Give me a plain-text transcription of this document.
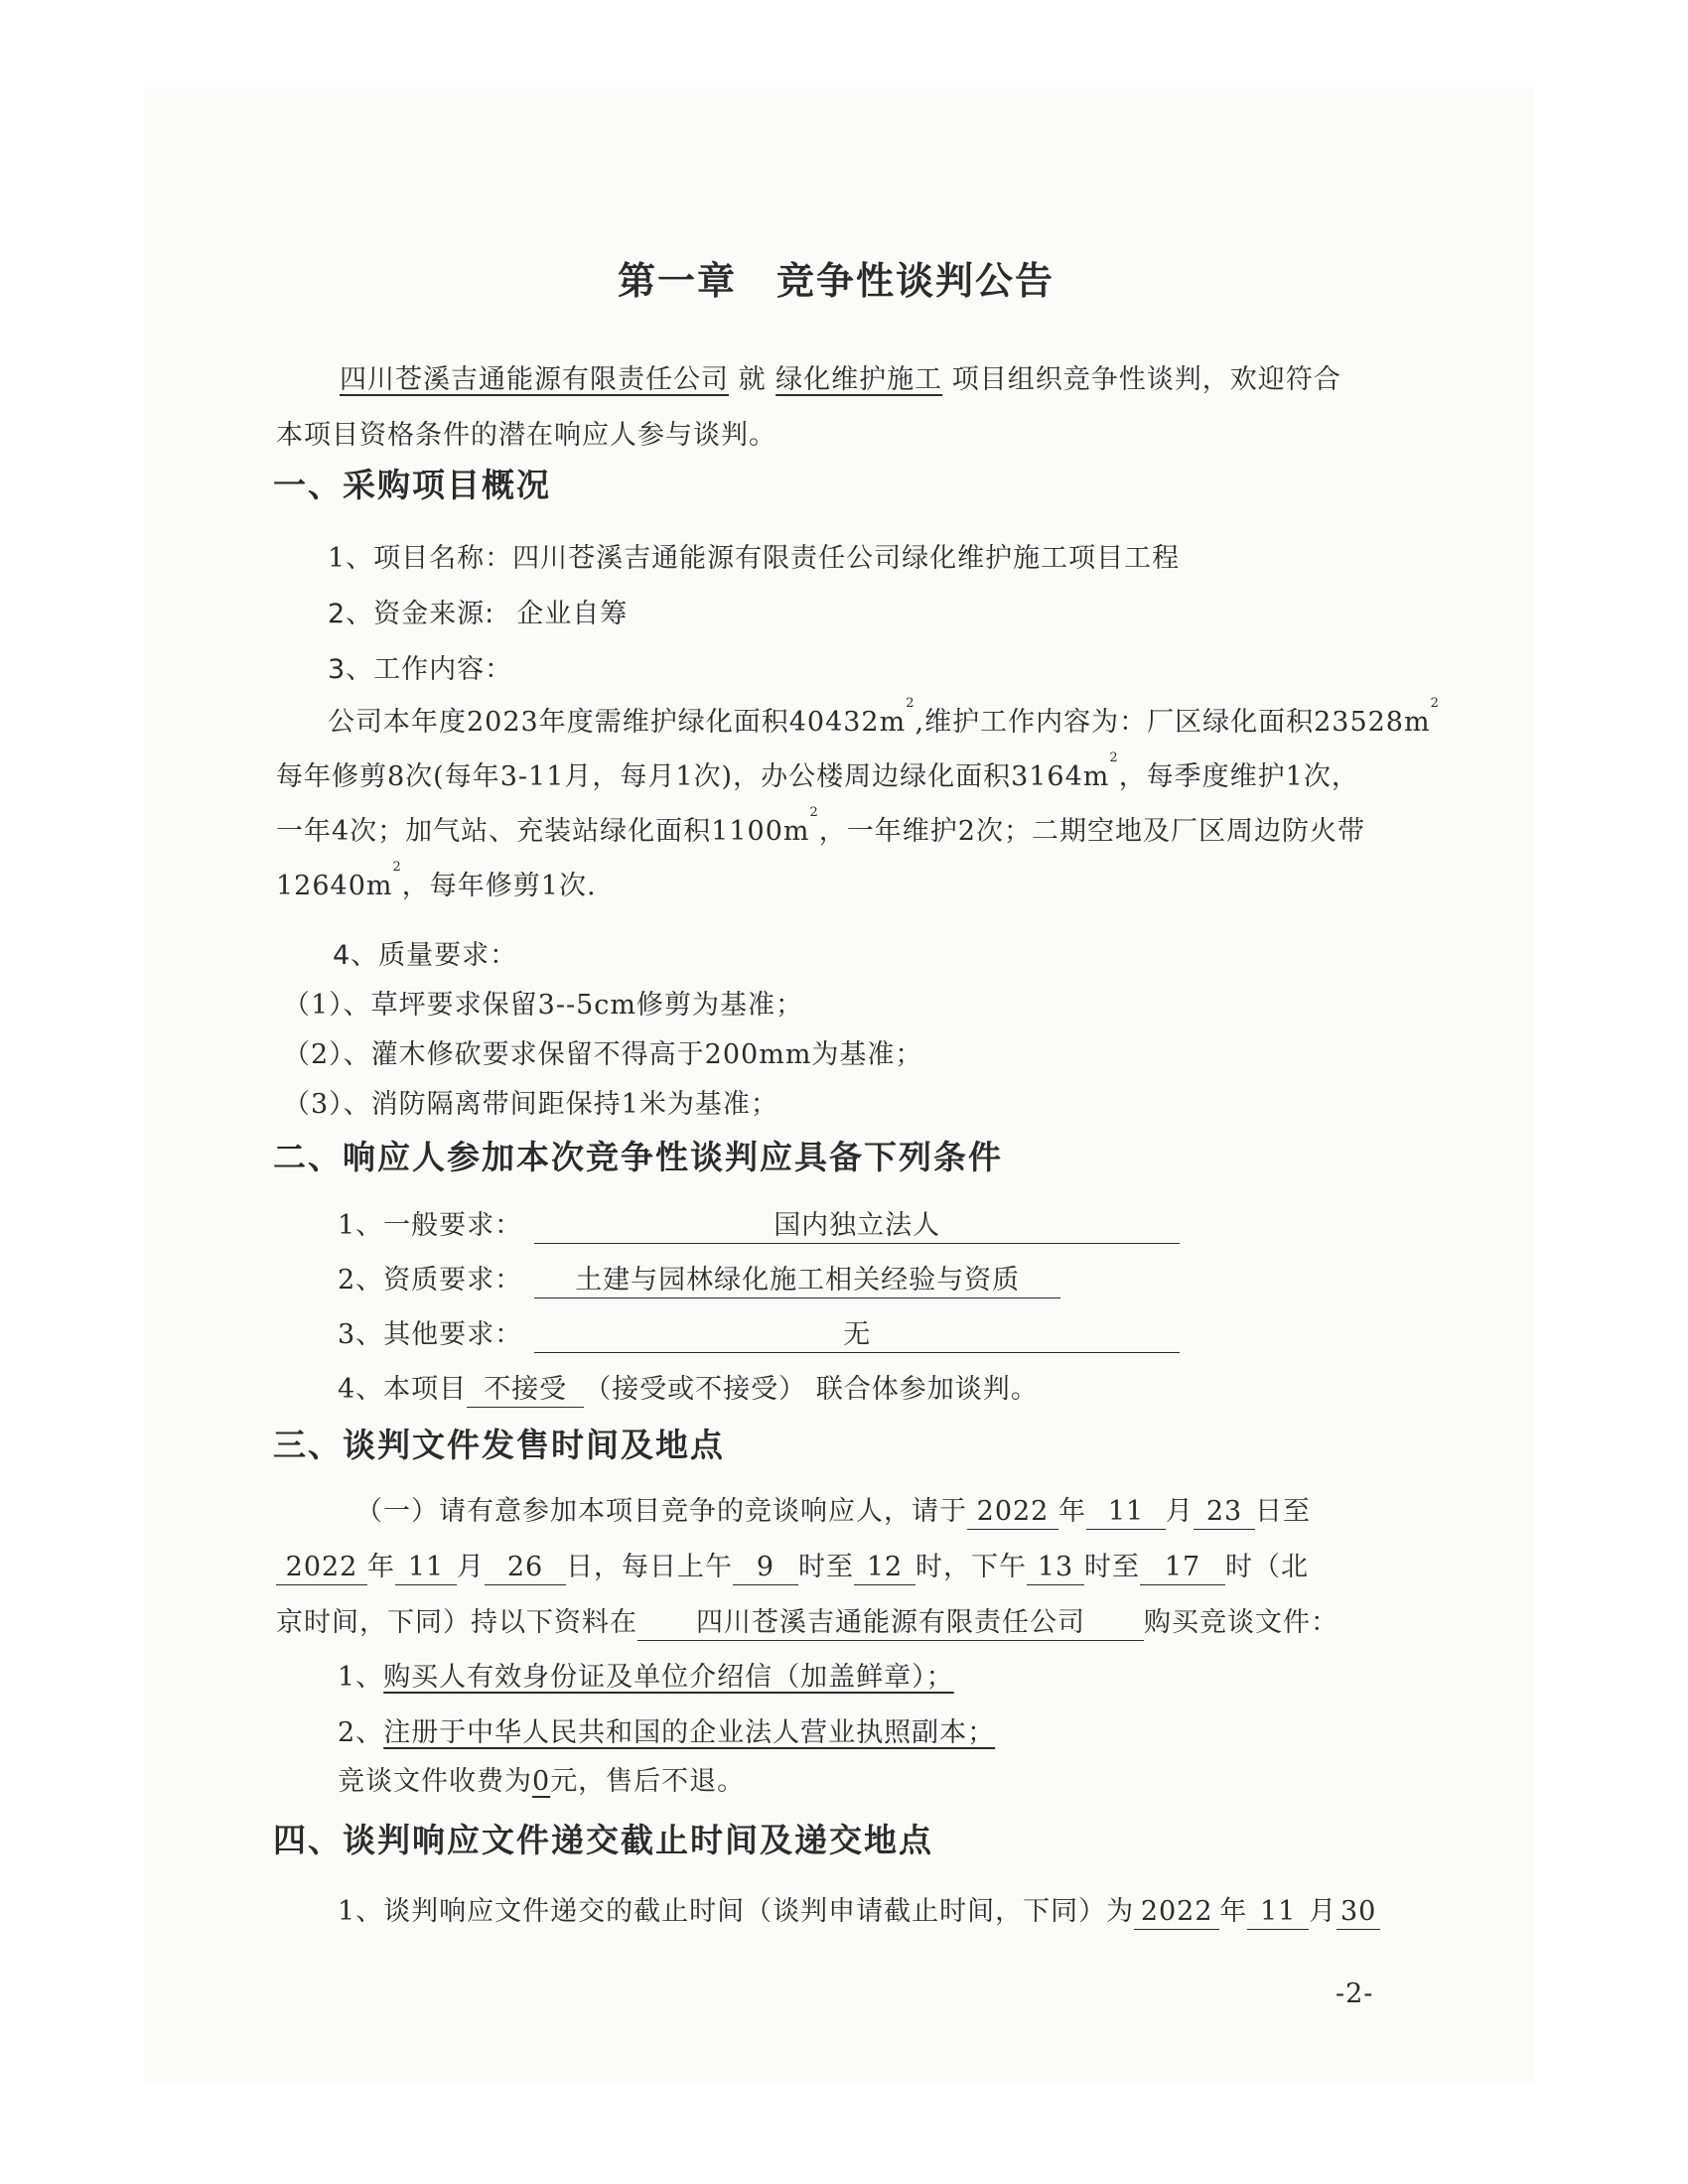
第一章　竞争性谈判公告
四川苍溪吉通能源有限责任公司 就 绿化维护施工 项目组织竞争性谈判，欢迎符合
本项目资格条件的潜在响应人参与谈判。
一、采购项目概况
1、项目名称：四川苍溪吉通能源有限责任公司绿化维护施工项目工程
2、资金来源: 企业自筹
3、工作内容：
公司本年度2023年度需维护绿化面积$40432m^2$,维护工作内容为：厂区绿化面积$23528m^2$
每年修剪8次(每年3-11月，每月1次)，办公楼周边绿化面积$3164m^2$，每季度维护1次，
一年4次；加气站、充装站绿化面积$1100m^2$，一年维护2次；二期空地及厂区周边防火带
$12640m^2$，每年修剪1次.
4、质量要求：
（1）、草坪要求保留3--5cm修剪为基准；
（2）、灌木修砍要求保留不得高于200mm为基准；
（3）、消防隔离带间距保持1米为基准；
二、响应人参加本次竞争性谈判应具备下列条件
1、一般要求：	国内独立法人
2、资质要求： 土建与园林绿化施工相关经验与资质
3、其他要求：	无
4、本项目 不接受 （接受或不接受） 联合体参加谈判。
三、谈判文件发售时间及地点
（一）请有意参加本项目竞争的竞谈响应人，请于 2022 年 11 月 23 日至
2022 年 11 月 26 日，每日上午 9 时至 12 时，下午 13 时至 17 时（北
京时间，下同）持以下资料在 四川苍溪吉通能源有限责任公司 购买竞谈文件：
1、购买人有效身份证及单位介绍信（加盖鲜章）；
2、注册于中华人民共和国的企业法人营业执照副本；
竞谈文件收费为0元，售后不退。
四、谈判响应文件递交截止时间及递交地点
1、谈判响应文件递交的截止时间（谈判申请截止时间，下同）为 2022 年 11 月 30
-2-
